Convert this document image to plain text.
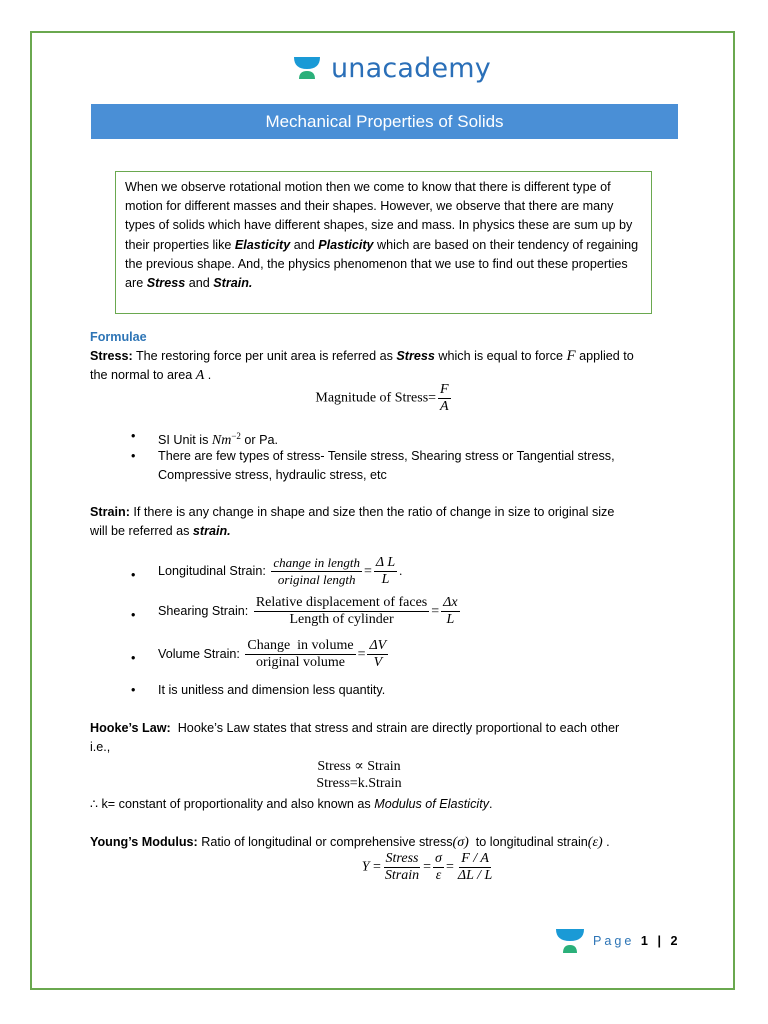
unacademy
Mechanical Properties of Solids
When we observe rotational motion then we come to know that there is different type of motion for different masses and their shapes. However, we observe that there are many types of solids which have different shapes, size and mass. In physics these are sum up by their properties like Elasticity and Plasticity which are based on their tendency of regaining the previous shape. And, the physics phenomenon that we use to find out these properties are Stress and Strain.
Formulae
Stress: The restoring force per unit area is referred as Stress which is equal to force F applied to
the normal to area A .
Magnitude of Stress= $\frac{F}{A}$
SI Unit is $Nm^{-2}$ or Pa.
There are few types of stress- Tensile stress, Shearing stress or Tangential stress,
Compressive stress, hydraulic stress, etc
Strain: If there is any change in shape and size then the ratio of change in size to original size
will be referred as strain.
Longitudinal Strain: $\frac{\text{change in length}}{\text{original length}} = \frac{\text{Δ L}}{L}$ .
Shearing Strain: $\frac{\text{Relative displacement of faces}}{\text{Length of cylinder}} = \frac{\Delta x}{L}$
Volume Strain: $\frac{\text{Change  in volume}}{\text{original volume}} = \frac{\Delta V}{V}$
It is unitless and dimension less quantity.
Hooke’s Law:  Hooke’s Law states that stress and strain are directly proportional to each other
i.e.,
Stress ∝ Strain
Stress=k.Strain
∴ k= constant of proportionality and also known as Modulus of Elasticity.
Young’s Modulus: Ratio of longitudinal or comprehensive stress(σ)  to longitudinal strain(ε) .
$Y = \frac{\text{Stress}}{\text{Strain}} = \frac{\sigma}{\varepsilon} = \frac{F / A}{\Delta L / L}$
Page 1 | 2
